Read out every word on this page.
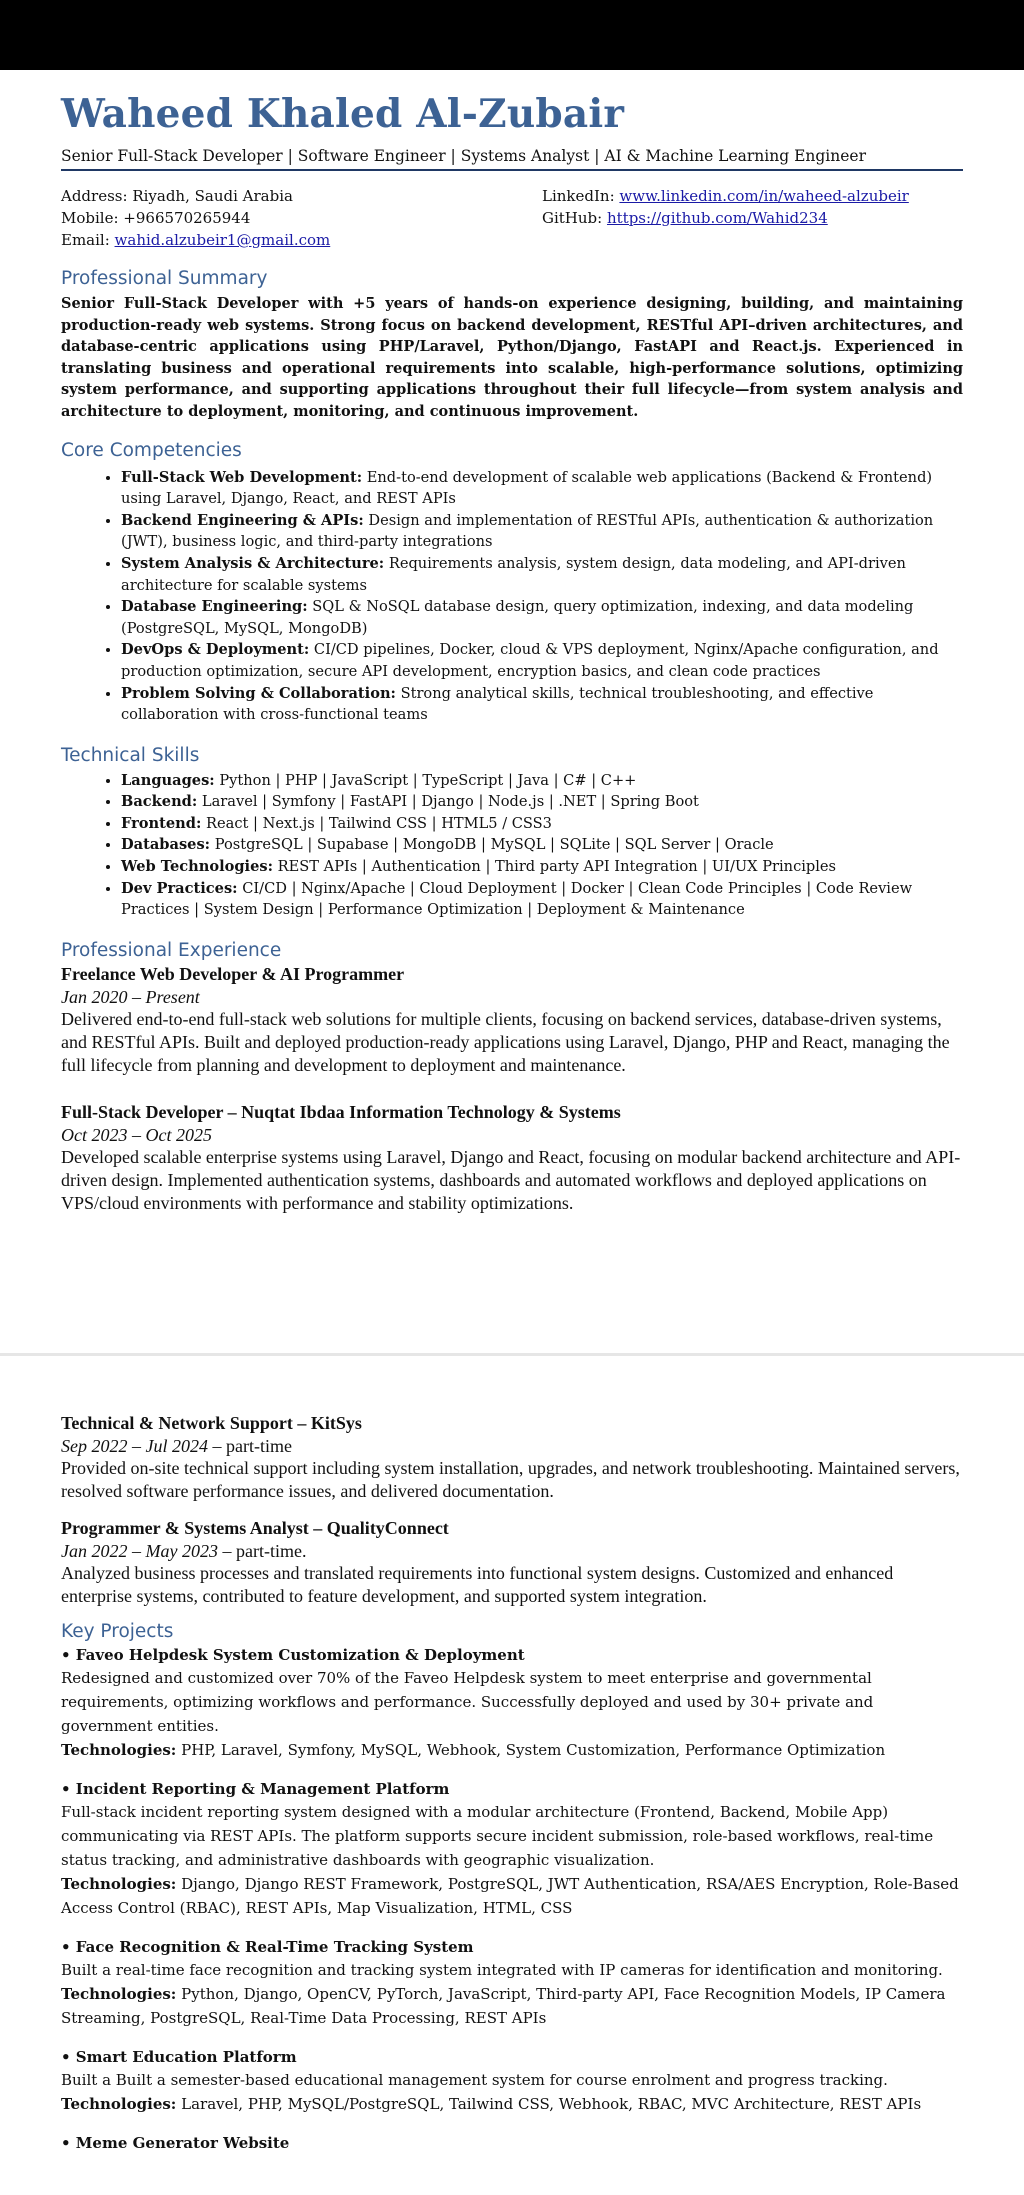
Waheed Khaled Al-Zubair
Senior Full-Stack Developer | Software Engineer | Systems Analyst | AI & Machine Learning Engineer
Address: Riyadh, Saudi Arabia
Mobile: +966570265944
Email: wahid.alzubeir1@gmail.com
LinkedIn: www.linkedin.com/in/waheed-alzubeir
GitHub: https://github.com/Wahid234
Professional Summary
Senior Full-Stack Developer with +5 years of hands-on experience designing, building, and maintaining production-ready web systems. Strong focus on backend development, RESTful API–driven architectures, and database-centric applications using PHP/Laravel, Python/Django, FastAPI and React.js. Experienced in translating business and operational requirements into scalable, high-performance solutions, optimizing system performance, and supporting applications throughout their full lifecycle—from system analysis and architecture to deployment, monitoring, and continuous improvement.
Core Competencies
• Full-Stack Web Development: End-to-end development of scalable web applications (Backend & Frontend) using Laravel, Django, React, and REST APIs
• Backend Engineering & APIs: Design and implementation of RESTful APIs, authentication & authorization (JWT), business logic, and third-party integrations
• System Analysis & Architecture: Requirements analysis, system design, data modeling, and API-driven architecture for scalable systems
• Database Engineering: SQL & NoSQL database design, query optimization, indexing, and data modeling (PostgreSQL, MySQL, MongoDB)
• DevOps & Deployment: CI/CD pipelines, Docker, cloud & VPS deployment, Nginx/Apache configuration, and production optimization, secure API development, encryption basics, and clean code practices
• Problem Solving & Collaboration: Strong analytical skills, technical troubleshooting, and effective collaboration with cross-functional teams
Technical Skills
• Languages: Python | PHP | JavaScript | TypeScript | Java | C# | C++
• Backend: Laravel | Symfony | FastAPI | Django | Node.js | .NET | Spring Boot
• Frontend: React | Next.js | Tailwind CSS | HTML5 / CSS3
• Databases: PostgreSQL | Supabase | MongoDB | MySQL | SQLite | SQL Server | Oracle
• Web Technologies: REST APIs | Authentication | Third party API Integration | UI/UX Principles
• Dev Practices: CI/CD | Nginx/Apache | Cloud Deployment | Docker | Clean Code Principles | Code Review Practices | System Design | Performance Optimization | Deployment & Maintenance
Professional Experience
Freelance Web Developer & AI Programmer
Jan 2020 – Present
Delivered end-to-end full-stack web solutions for multiple clients, focusing on backend services, database-driven systems, and RESTful APIs. Built and deployed production-ready applications using Laravel, Django, PHP and React, managing the full lifecycle from planning and development to deployment and maintenance.
Full-Stack Developer – Nuqtat Ibdaa Information Technology & Systems
Oct 2023 – Oct 2025
Developed scalable enterprise systems using Laravel, Django and React, focusing on modular backend architecture and API-driven design. Implemented authentication systems, dashboards and automated workflows and deployed applications on VPS/cloud environments with performance and stability optimizations.
Technical & Network Support – KitSys
Sep 2022 – Jul 2024 – part-time
Provided on-site technical support including system installation, upgrades, and network troubleshooting. Maintained servers, resolved software performance issues, and delivered documentation.
Programmer & Systems Analyst – QualityConnect
Jan 2022 – May 2023 – part-time.
Analyzed business processes and translated requirements into functional system designs. Customized and enhanced enterprise systems, contributed to feature development, and supported system integration.
Key Projects
• Faveo Helpdesk System Customization & Deployment
Redesigned and customized over 70% of the Faveo Helpdesk system to meet enterprise and governmental requirements, optimizing workflows and performance. Successfully deployed and used by 30+ private and government entities.
Technologies: PHP, Laravel, Symfony, MySQL, Webhook, System Customization, Performance Optimization
• Incident Reporting & Management Platform
Full-stack incident reporting system designed with a modular architecture (Frontend, Backend, Mobile App) communicating via REST APIs. The platform supports secure incident submission, role-based workflows, real-time status tracking, and administrative dashboards with geographic visualization.
Technologies: Django, Django REST Framework, PostgreSQL, JWT Authentication, RSA/AES Encryption, Role-Based Access Control (RBAC), REST APIs, Map Visualization, HTML, CSS
• Face Recognition & Real-Time Tracking System
Built a real-time face recognition and tracking system integrated with IP cameras for identification and monitoring.
Technologies: Python, Django, OpenCV, PyTorch, JavaScript, Third-party API, Face Recognition Models, IP Camera Streaming, PostgreSQL, Real-Time Data Processing, REST APIs
• Smart Education Platform
Built a Built a semester-based educational management system for course enrolment and progress tracking.
Technologies: Laravel, PHP, MySQL/PostgreSQL, Tailwind CSS, Webhook, RBAC, MVC Architecture, REST APIs
• Meme Generator Website
